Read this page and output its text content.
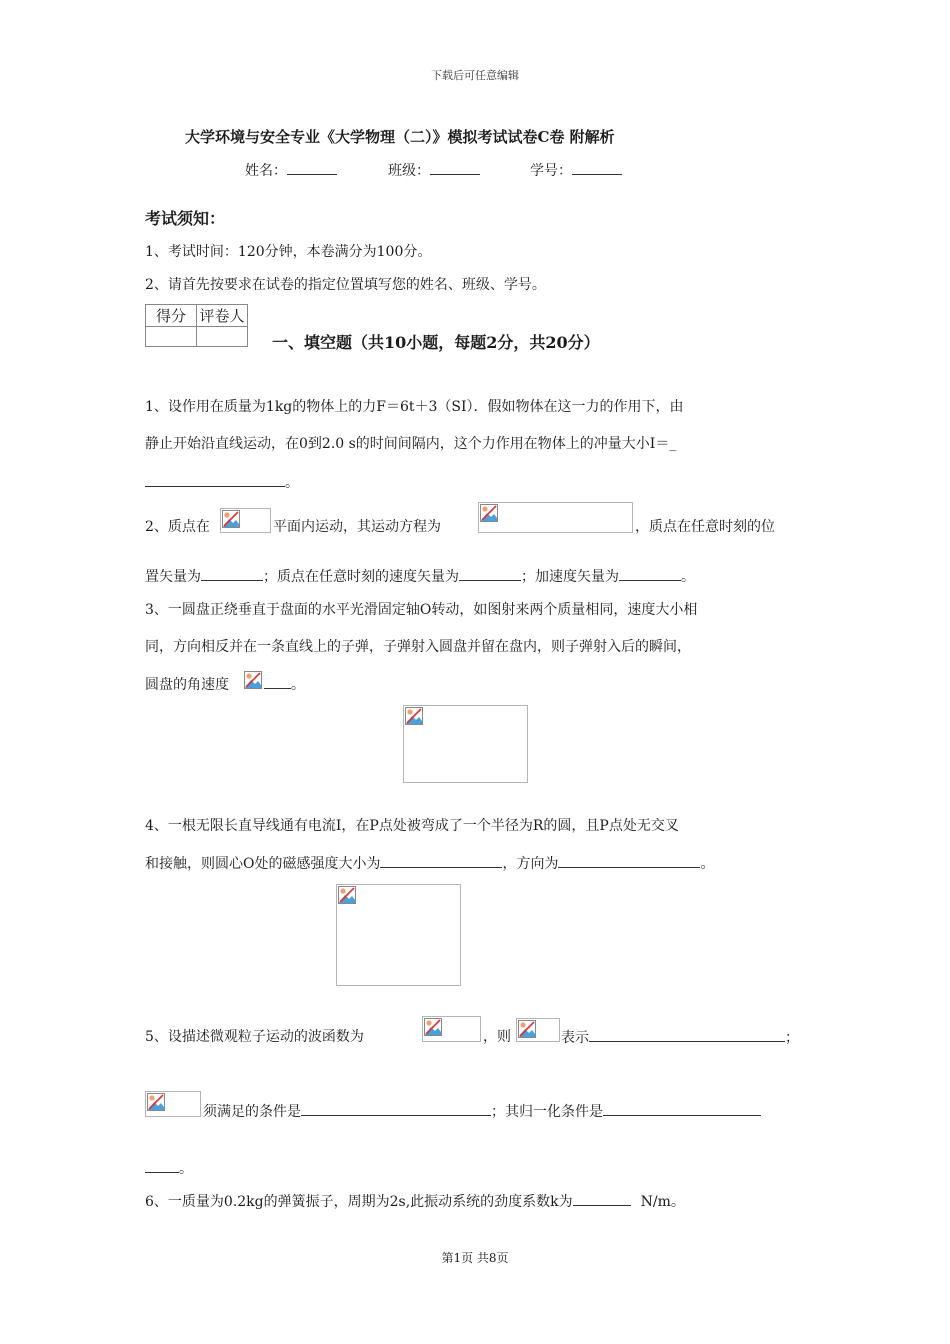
下载后可任意编辑
大学环境与安全专业《大学物理（二）》模拟考试试卷C卷 附解析
姓名：	班级：	学号：
考试须知：
1、考试时间：120分钟，本卷满分为100分。
2、请首先按要求在试卷的指定位置填写您的姓名、班级、学号。
得分	评卷人

一、填空题（共10小题，每题2分，共20分）
1、设作用在质量为1kg的物体上的力F＝6t＋3（SI）．假如物体在这一力的作用下，由
静止开始沿直线运动，在0到2.0 s的时间间隔内，这个力作用在物体上的冲量大小I＝_
。
2、质点在	平面内运动，其运动方程为	，质点在任意时刻的位
置矢量为	；质点在任意时刻的速度矢量为	；加速度矢量为	。
3、一圆盘正绕垂直于盘面的水平光滑固定轴O转动，如图射来两个质量相同，速度大小相
同，方向相反并在一条直线上的子弹，子弹射入圆盘并留在盘内，则子弹射入后的瞬间，
圆盘的角速度	。
4、一根无限长直导线通有电流I，在P点处被弯成了一个半径为R的圆，且P点处无交叉
和接触，则圆心O处的磁感强度大小为	，方向为	。
5、设描述微观粒子运动的波函数为	，则	表示	；
须满足的条件是	；其归一化条件是
。
6、一质量为0.2kg的弹簧振子，周期为2s,此振动系统的劲度系数k为	N/m。
第1页 共8页
